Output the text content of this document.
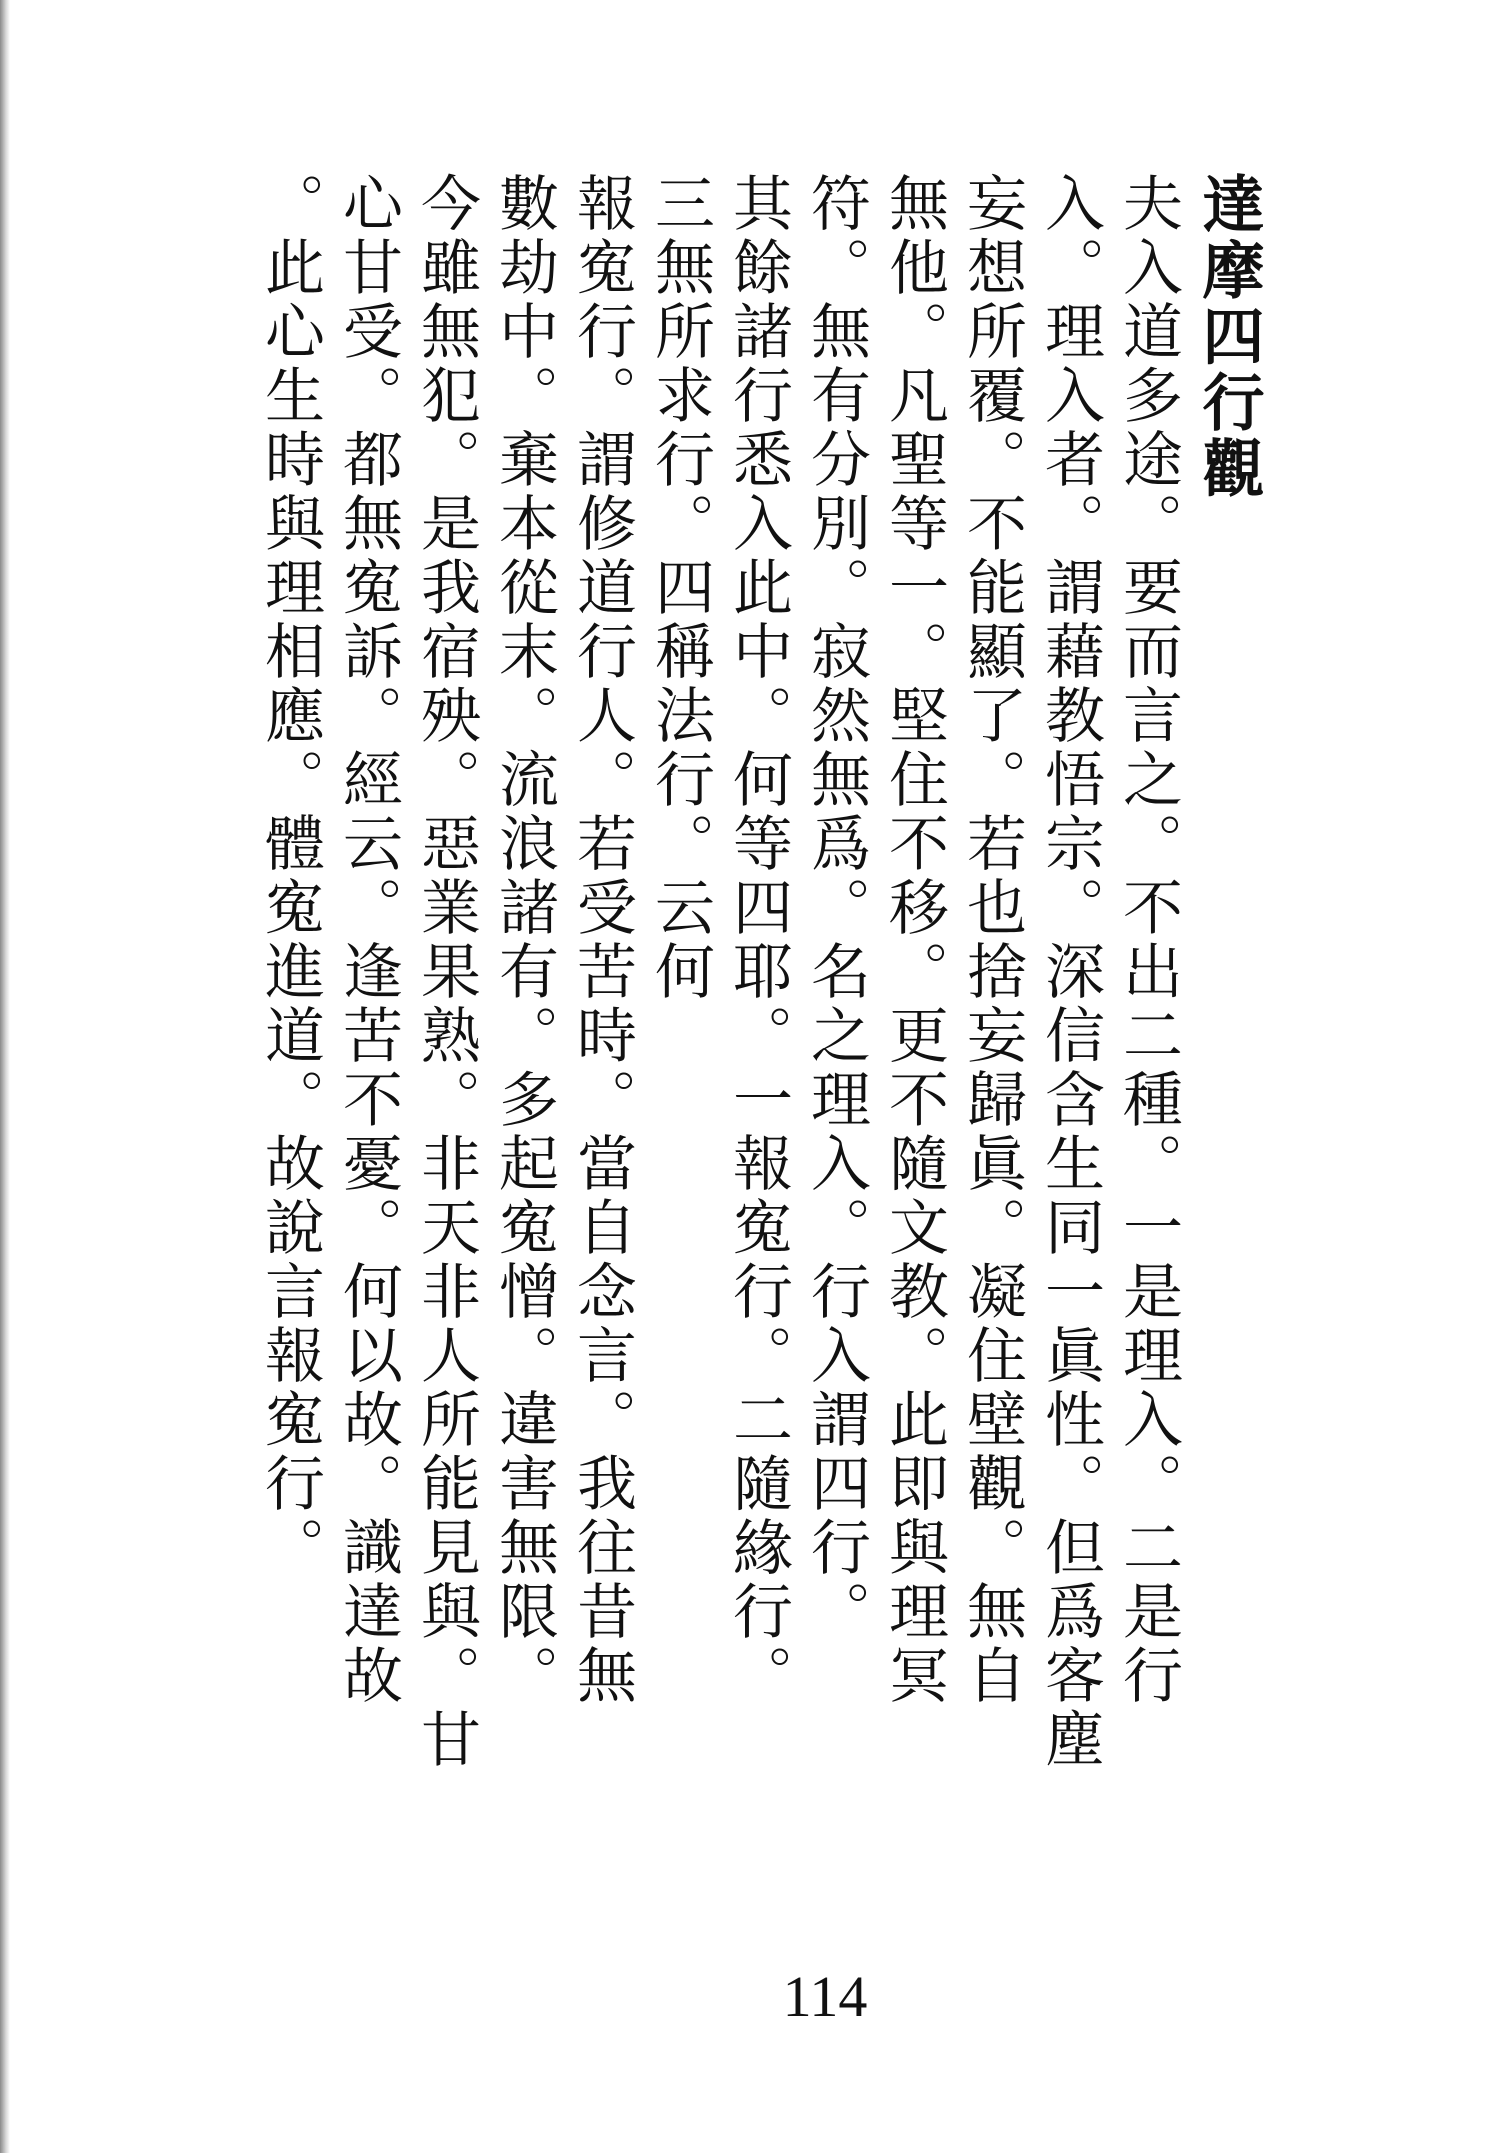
達摩四行觀
夫入道多途。要而言之。不出二種。一是理入。二是行
入。理入者。謂藉教悟宗。深信含生同一眞性。但爲客塵
妄想所覆。不能顯了。若也捨妄歸眞。凝住壁觀。無自
無他。凡聖等一。堅住不移。更不隨文教。此即與理冥
符。無有分別。寂然無爲。名之理入。行入謂四行。
其餘諸行悉入此中。何等四耶。一報寃行。二隨緣行。
三無所求行。四稱法行。云何
報寃行。謂修道行人。若受苦時。當自念言。我往昔無
數劫中。棄本從末。流浪諸有。多起寃憎。違害無限。
今雖無犯。是我宿殃。惡業果熟。非天非人所能見與。甘
心甘受。都無寃訴。經云。逢苦不憂。何以故。識達故
。此心生時與理相應。體寃進道。故說言報寃行。
114
